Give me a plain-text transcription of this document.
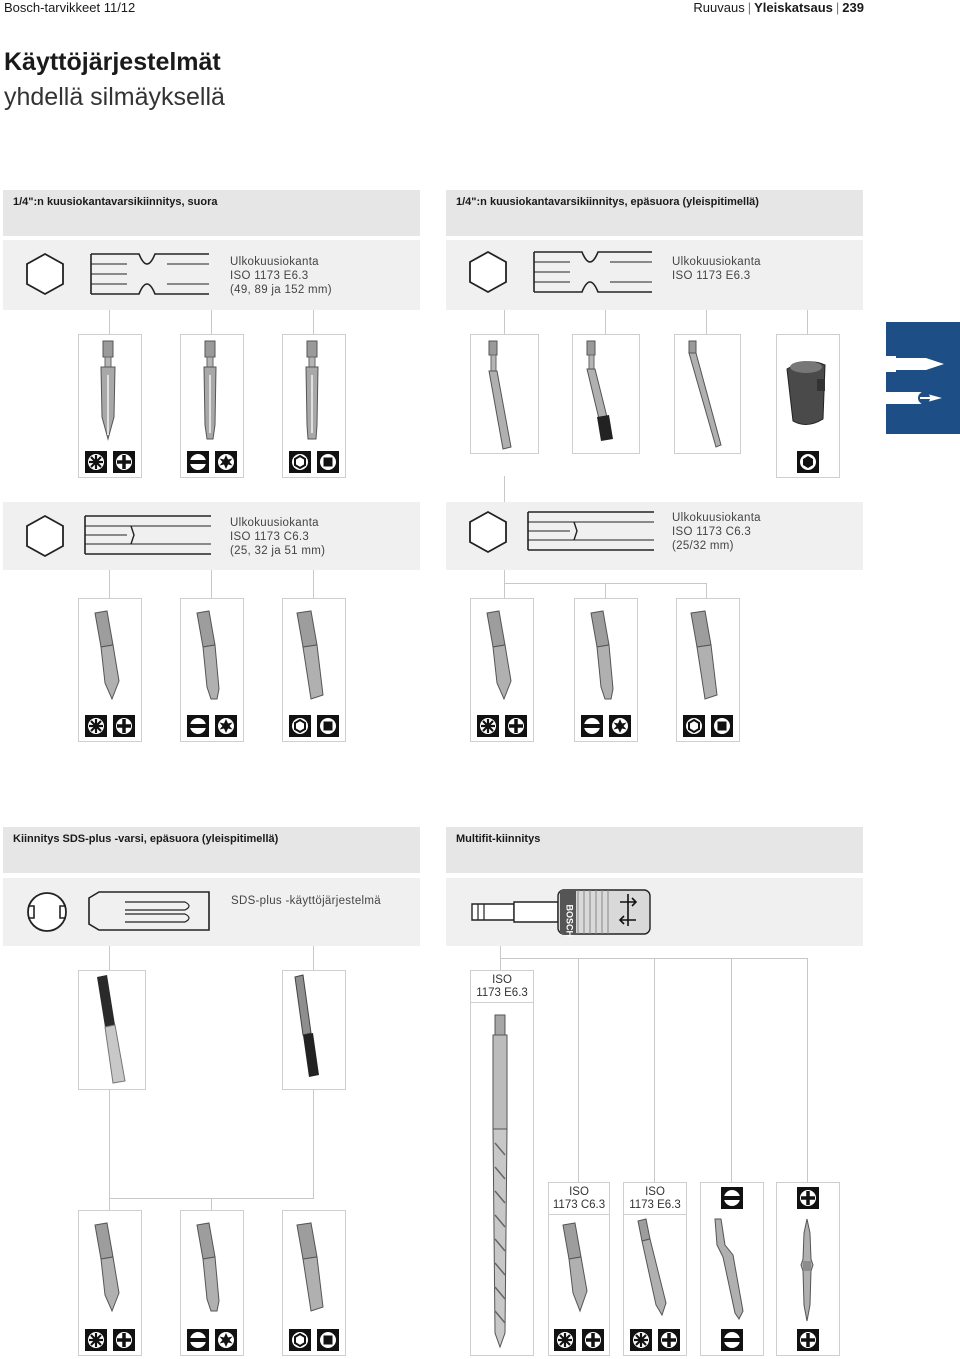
Bosch-tarvikkeet 11/12	Ruuvaus | Yleiskatsaus | 239
Käyttöjärjestelmät
yhdellä silmäyksellä
1/4":n kuusiokantavarsikiinnitys, suora	1/4":n kuusiokantavarsikiinnitys, epäsuora (yleispitimellä)
Ulkokuusiokanta
ISO 1173 E6.3
(49, 89 ja 152 mm)
Ulkokuusiokanta
ISO 1173 E6.3
Ulkokuusiokanta
ISO 1173 C6.3
(25, 32 ja 51 mm)
Ulkokuusiokanta
ISO 1173 C6.3
(25/32 mm)
Kiinnitys SDS-plus -varsi, epäsuora (yleispitimellä)	Multifit-kiinnitys
SDS-plus -käyttöjärjestelmä
ISO
1173 E6.3
ISO
1173 C6.3
ISO
1173 E6.3
